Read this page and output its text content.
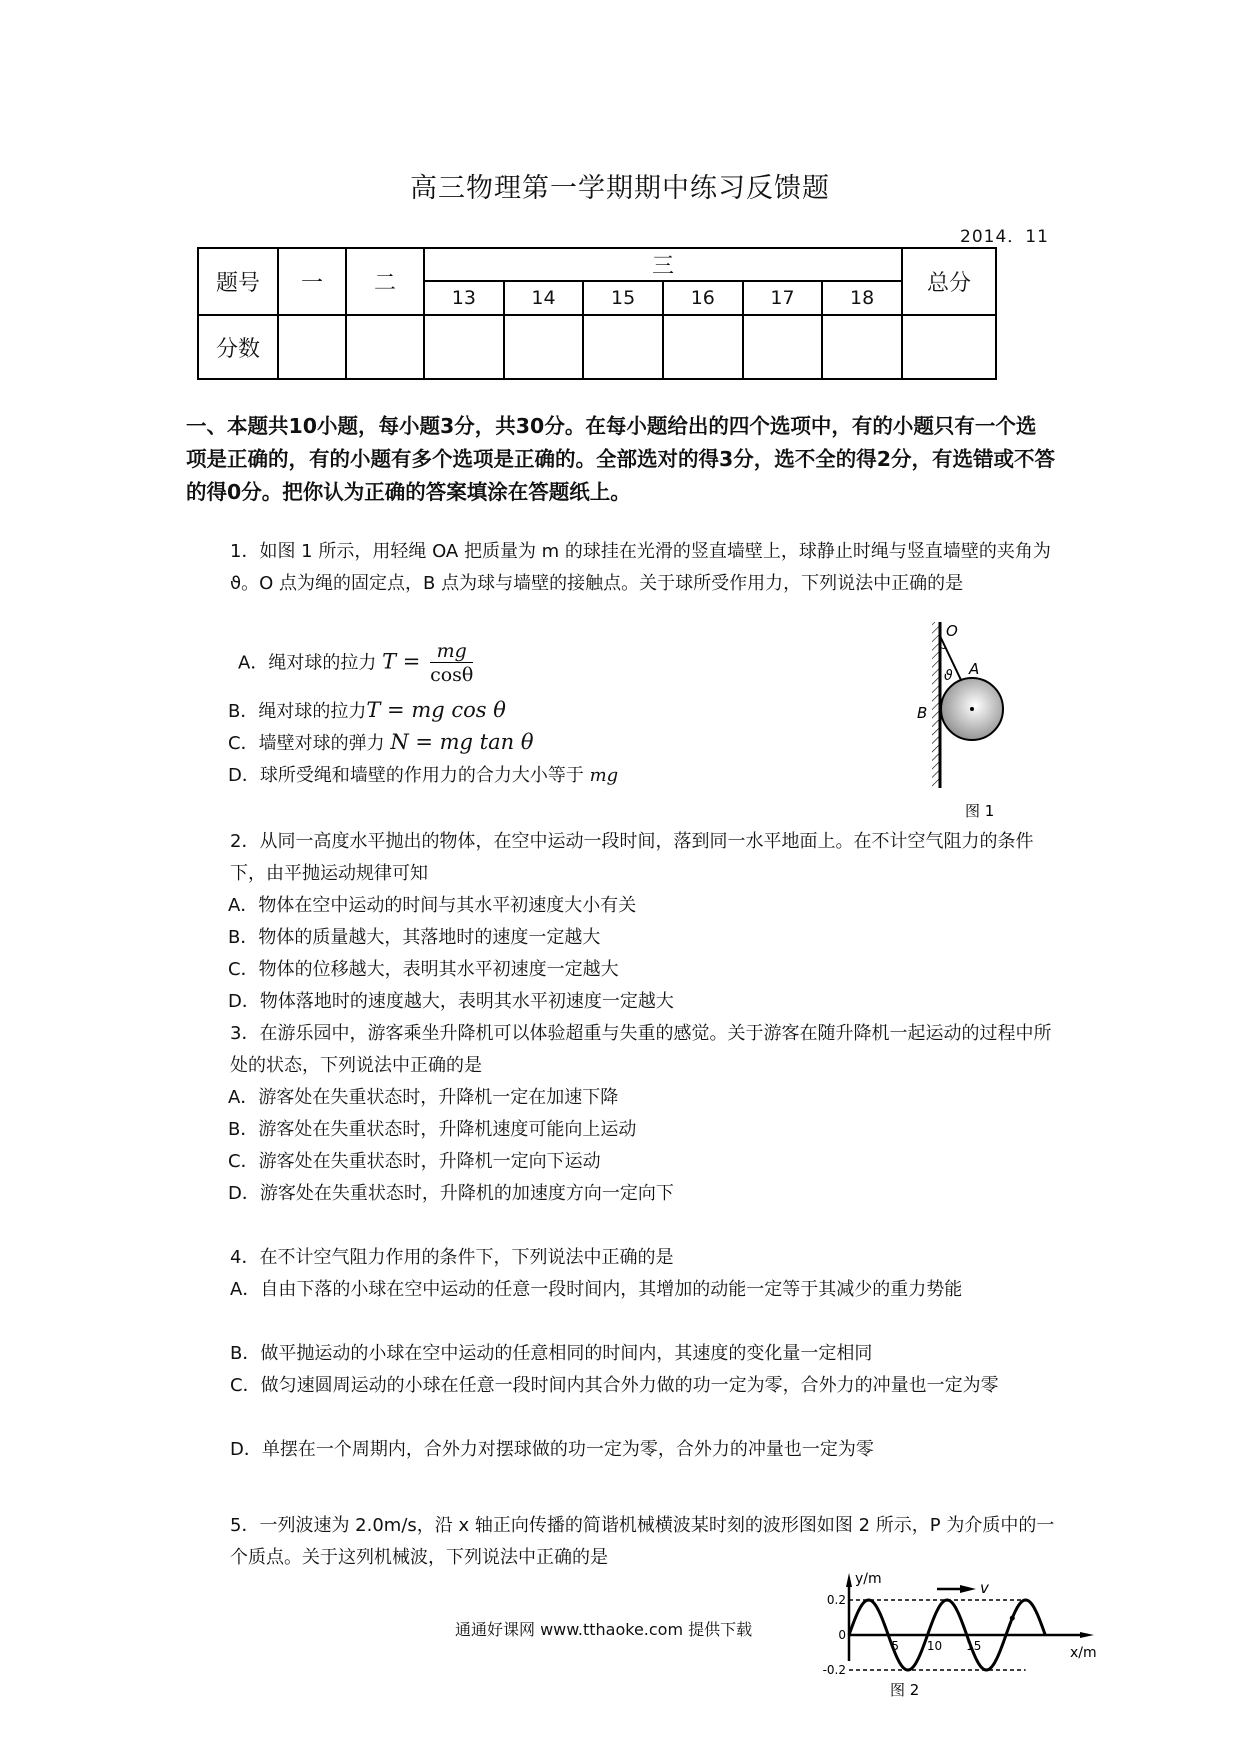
高三物理第一学期期中练习反馈题
2014．11
题号	一	二	三						总分
			13	14	15	16	17	18	
分数									
一、本题共10小题，每小题3分，共30分。在每小题给出的四个选项中，有的小题只有一个选项是正确的，有的小题有多个选项是正确的。全部选对的得3分，选不全的得2分，有选错或不答的得0分。把你认为正确的答案填涂在答题纸上。
1．如图 1 所示，用轻绳 OA 把质量为 m 的球挂在光滑的竖直墙壁上，球静止时绳与竖直墙壁的夹角为 ϑ。O 点为绳的固定点，B 点为球与墙壁的接触点。关于球所受作用力，下列说法中正确的是
A．绳对球的拉力 $T = \frac{mg}{\cos\theta}$
B．绳对球的拉力T = mg cos θ
C．墙壁对球的弹力 N = mg tan θ
D．球所受绳和墙壁的作用力的合力大小等于 mg
O
A
B
ϑ
图 1
2．从同一高度水平抛出的物体，在空中运动一段时间，落到同一水平地面上。在不计空气阻力的条件下，由平抛运动规律可知
A．物体在空中运动的时间与其水平初速度大小有关
B．物体的质量越大，其落地时的速度一定越大
C．物体的位移越大，表明其水平初速度一定越大
D．物体落地时的速度越大，表明其水平初速度一定越大
3．在游乐园中，游客乘坐升降机可以体验超重与失重的感觉。关于游客在随升降机一起运动的过程中所处的状态，下列说法中正确的是
A．游客处在失重状态时，升降机一定在加速下降
B．游客处在失重状态时，升降机速度可能向上运动
C．游客处在失重状态时，升降机一定向下运动
D．游客处在失重状态时，升降机的加速度方向一定向下
4．在不计空气阻力作用的条件下，下列说法中正确的是
A．自由下落的小球在空中运动的任意一段时间内，其增加的动能一定等于其减少的重力势能
B．做平抛运动的小球在空中运动的任意相同的时间内，其速度的变化量一定相同
C．做匀速圆周运动的小球在任意一段时间内其合外力做的功一定为零，合外力的冲量也一定为零
D．单摆在一个周期内，合外力对摆球做的功一定为零，合外力的冲量也一定为零
5．一列波速为 2.0m/s，沿 x 轴正向传播的简谐机械横波某时刻的波形图如图 2 所示，P 为介质中的一个质点。关于这列机械波，下列说法中正确的是
v
y/m
x/m
0.2
0
-0.2
5 10 15
图 2
通通好课网 www.tthaoke.com 提供下载
